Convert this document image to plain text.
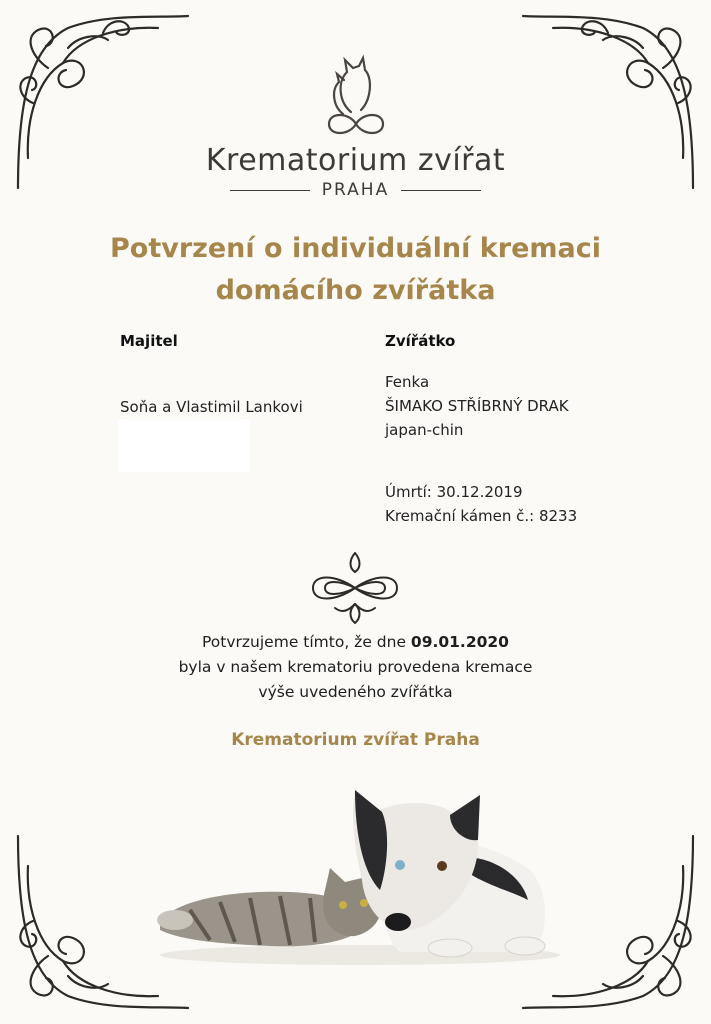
Krematorium zvířat
PRAHA
Potvrzení o individuální kremaci
domácího zvířátka
Majitel
Soňa a Vlastimil Lankovi
Zvířátko
Fenka
ŠIMAKO STŘÍBRNÝ DRAK
japan-chin
Úmrtí: 30.12.2019
Kremační kámen č.: 8233
Potvrzujeme tímto, že dne 09.01.2020
byla v našem krematoriu provedena kremace
výše uvedeného zvířátka
Krematorium zvířat Praha
